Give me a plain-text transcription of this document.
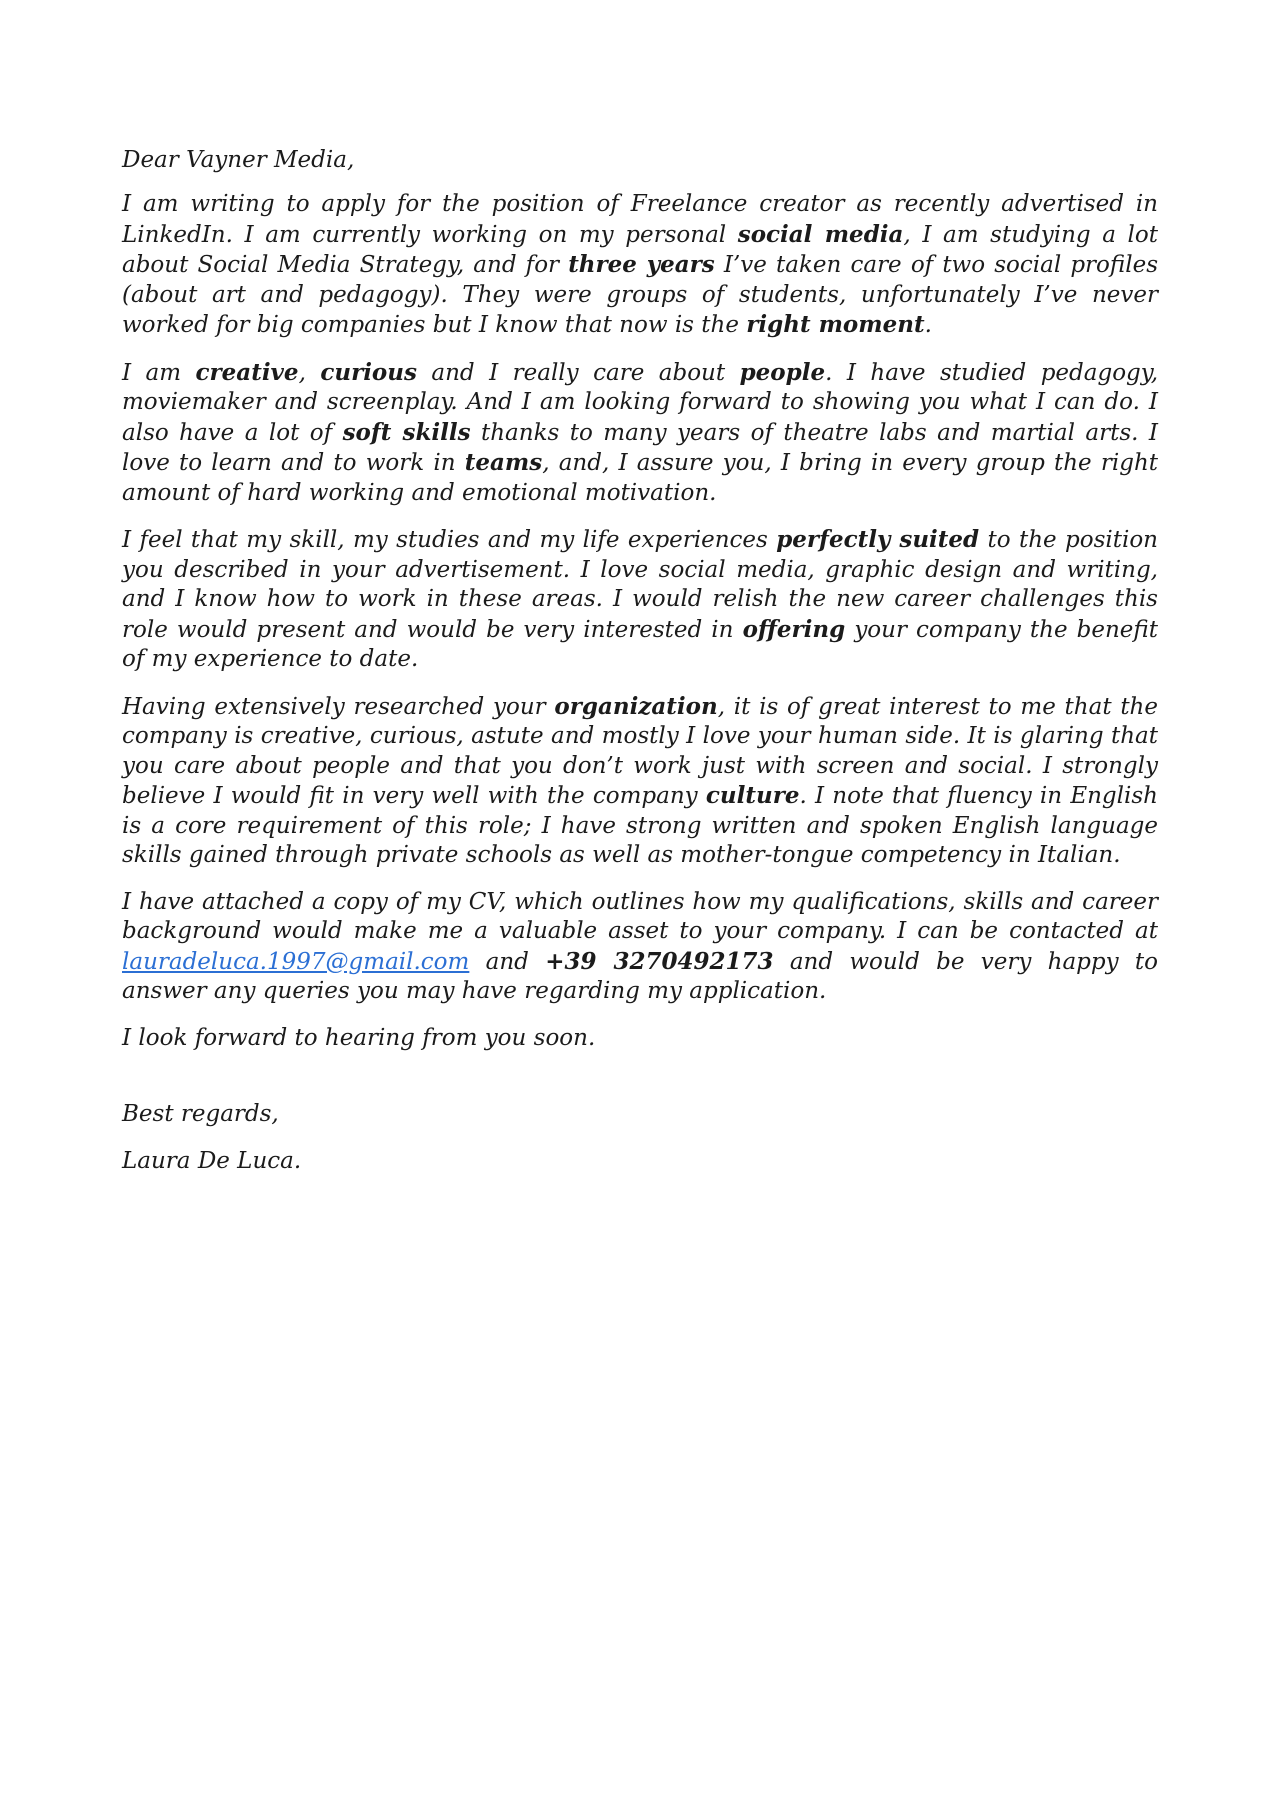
Dear Vayner Media,

I am writing to apply for the position of Freelance creator as recently advertised in LinkedIn. I am currently working on my personal social media, I am studying a lot about Social Media Strategy, and for three years I’ve taken care of two social profiles (about art and pedagogy). They were groups of students, unfortunately I’ve never worked for big companies but I know that now is the right moment.

I am creative, curious and I really care about people. I have studied pedagogy, moviemaker and screenplay. And I am looking forward to showing you what I can do. I also have a lot of soft skills thanks to many years of theatre labs and martial arts. I love to learn and to work in teams, and, I assure you, I bring in every group the right amount of hard working and emotional motivation.

I feel that my skill, my studies and my life experiences perfectly suited to the position you described in your advertisement. I love social media, graphic design and writing, and I know how to work in these areas. I would relish the new career challenges this role would present and would be very interested in offering your company the benefit of my experience to date.

Having extensively researched your organization, it is of great interest to me that the company is creative, curious, astute and mostly I love your human side. It is glaring that you care about people and that you don’t work just with screen and social. I strongly believe I would fit in very well with the company culture. I note that fluency in English is a core requirement of this role; I have strong written and spoken English language skills gained through private schools as well as mother-tongue competency in Italian.

I have attached a copy of my CV, which outlines how my qualifications, skills and career background would make me a valuable asset to your company. I can be contacted at lauradeluca.1997@gmail.com and +39 3270492173 and would be very happy to answer any queries you may have regarding my application.

I look forward to hearing from you soon.

Best regards,

Laura De Luca.
